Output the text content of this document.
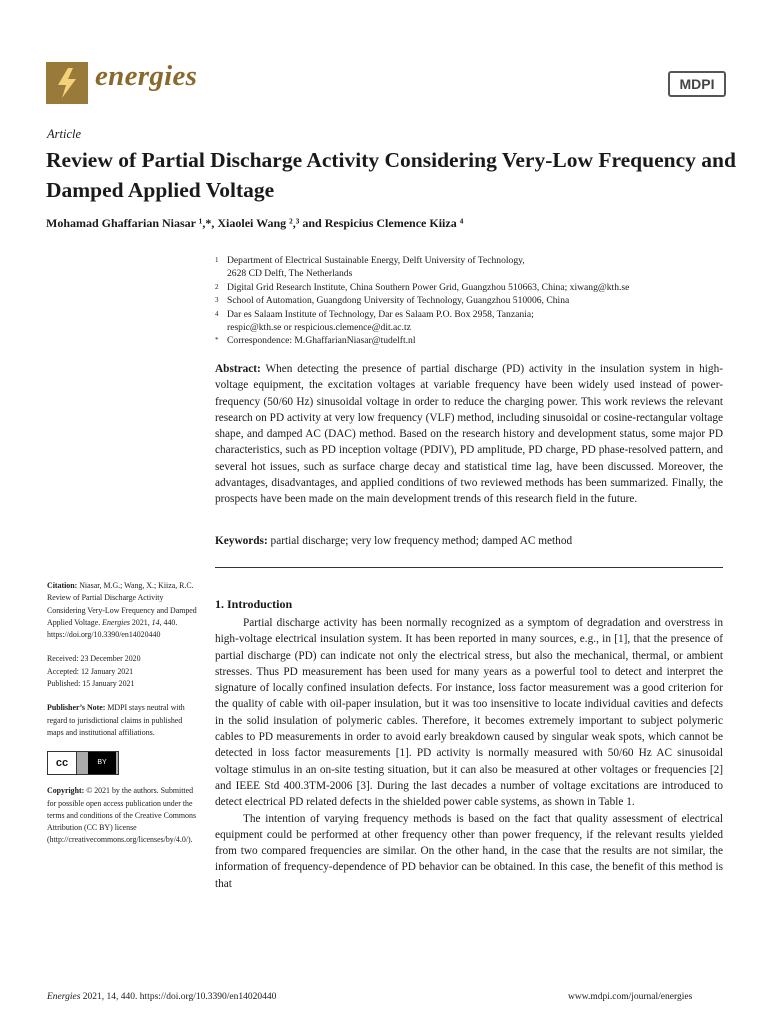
energies	MDPI
Article
Review of Partial Discharge Activity Considering Very-Low Frequency and Damped Applied Voltage
Mohamad Ghaffarian Niasar ¹,*, Xiaolei Wang ²,³ and Respicius Clemence Kiiza ⁴
1 Department of Electrical Sustainable Energy, Delft University of Technology,
2628 CD Delft, The Netherlands
2 Digital Grid Research Institute, China Southern Power Grid, Guangzhou 510663, China; xiwang@kth.se
3 School of Automation, Guangdong University of Technology, Guangzhou 510006, China
4 Dar es Salaam Institute of Technology, Dar es Salaam P.O. Box 2958, Tanzania;
respic@kth.se or respicious.clemence@dit.ac.tz
* Correspondence: M.GhaffarianNiasar@tudelft.nl
Abstract: When detecting the presence of partial discharge (PD) activity in the insulation system in high-voltage equipment, the excitation voltages at variable frequency have been widely used instead of power-frequency (50/60 Hz) sinusoidal voltage in order to reduce the charging power. This work reviews the relevant research on PD activity at very low frequency (VLF) method, including sinusoidal or cosine-rectangular voltage shape, and damped AC (DAC) method. Based on the research history and development status, some major PD characteristics, such as PD inception voltage (PDIV), PD amplitude, PD charge, PD phase-resolved pattern, and several hot issues, such as surface charge decay and statistical time lag, have been discussed. Moreover, the advantages, disadvantages, and applied conditions of two reviewed methods has been summarized. Finally, the prospects have been made on the main development trends of this research field in the future.
Keywords: partial discharge; very low frequency method; damped AC method
Citation: Niasar, M.G.; Wang, X.; Kiiza, R.C. Review of Partial Discharge Activity Considering Very-Low Frequency and Damped Applied Voltage. Energies 2021, 14, 440. https://doi.org/10.3390/en14020440
Received: 23 December 2020
Accepted: 12 January 2021
Published: 15 January 2021
Publisher’s Note: MDPI stays neutral with regard to jurisdictional claims in published maps and institutional affiliations.
cc	BY
Copyright: © 2021 by the authors. Submitted for possible open access publication under the terms and conditions of the Creative Commons Attribution (CC BY) license (http://creativecommons.org/licenses/by/4.0/).
1. Introduction

Partial discharge activity has been normally recognized as a symptom of degradation and overstress in high-voltage electrical insulation system. It has been reported in many sources, e.g., in [1], that the presence of partial discharge (PD) can indicate not only the electrical stress, but also the mechanical, thermal, or ambient stresses. Thus PD measurement has been used for many years as a powerful tool to detect and interpret the signature of locally confined insulation defects. For instance, loss factor measurement was a good criterion for the quality of cable with oil-paper insulation, but it was too insensitive to locate individual cavities and defects in the solid insulation of polymeric cables. Therefore, it becomes extremely important to subject polymeric cables to PD measurements in order to avoid early breakdown caused by singular weak spots, which cannot be detected in loss factor measurements [1]. PD activity is normally measured with 50/60 Hz AC sinusoidal voltage stimulus in an on-site testing situation, but it can also be measured at other voltages or frequencies [2] and IEEE Std 400.3TM-2006 [3]. During the last decades a number of voltage excitations are introduced to detect electrical PD related defects in the shielded power cable systems, as shown in Table 1.

The intention of varying frequency methods is based on the fact that quality assessment of electrical equipment could be performed at other frequency other than power frequency, if the relevant results yielded from two compared frequencies are similar. On the other hand, in the case that the results are not similar, the information of frequency-dependence of PD behavior can be obtained. In this case, the benefit of this method is that

Energies 2021, 14, 440. https://doi.org/10.3390/en14020440	www.mdpi.com/journal/energies
